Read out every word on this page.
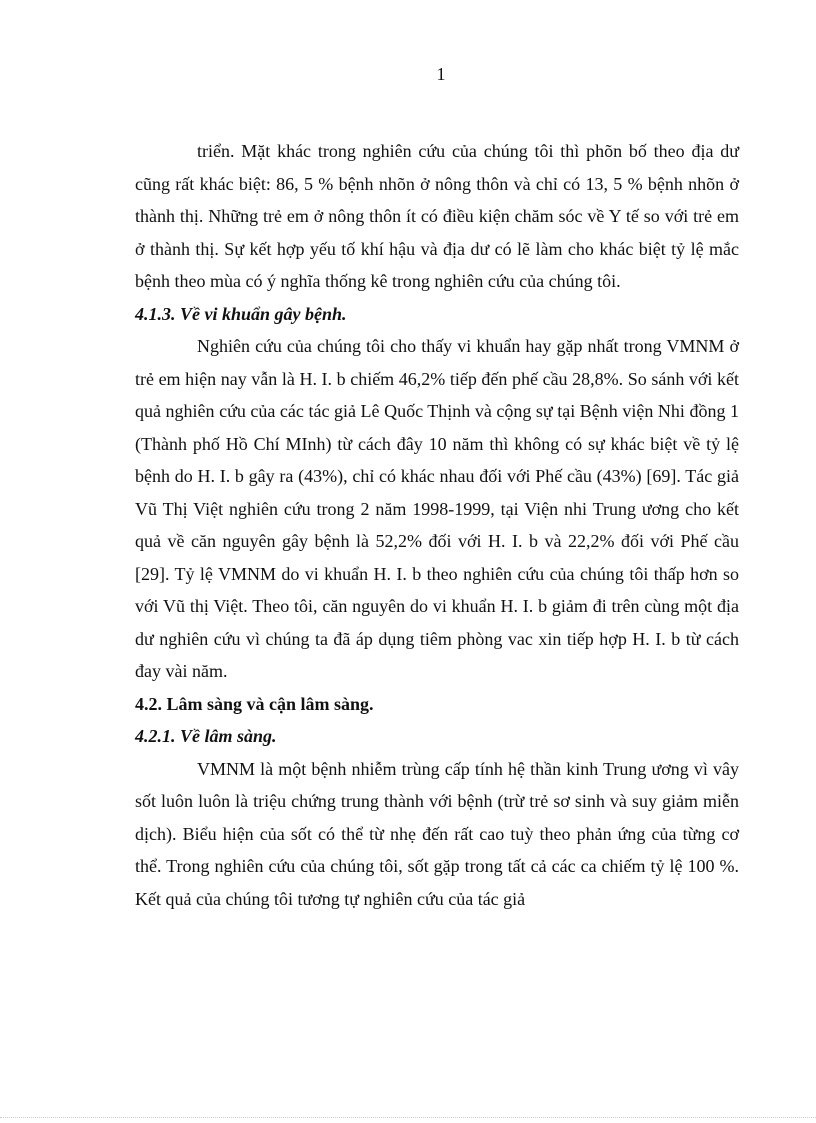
1

triển. Mặt khác trong nghiên cứu của chúng tôi thì phõn bố theo địa dư cũng rất khác biệt: 86, 5 % bệnh nhõn ở nông thôn và chỉ có 13, 5 % bệnh nhõn ở thành thị. Những trẻ em ở nông thôn ít có điều kiện chăm sóc về Y tế so với trẻ em ở thành thị. Sự kết hợp yếu tố khí hậu và địa dư có lẽ làm cho khác biệt tỷ lệ mắc bệnh theo mùa có ý nghĩa thống kê trong nghiên cứu của chúng tôi.

4.1.3. Về vi khuẩn gây bệnh.

Nghiên cứu của chúng tôi cho thấy vi khuẩn hay gặp nhất trong VMNM ở trẻ em hiện nay vẫn là H. I. b chiếm 46,2% tiếp đến phế cầu 28,8%. So sánh với kết quả nghiên cứu của các tác giả Lê Quốc Thịnh và cộng sự tại Bệnh viện Nhi đồng 1 (Thành phố Hồ Chí MInh) từ cách đây 10 năm thì không có sự khác biệt về tỷ lệ bệnh do H. I. b gây ra (43%), chỉ có khác nhau đối với Phế cầu (43%) [69]. Tác giả Vũ Thị Việt nghiên cứu trong 2 năm 1998-1999, tại Viện nhi Trung ương cho kết quả về căn nguyên gây bệnh là 52,2% đối với H. I. b và 22,2% đối với Phế cầu [29]. Tỷ lệ VMNM do vi khuẩn H. I. b theo nghiên cứu của chúng tôi thấp hơn so với Vũ thị Việt. Theo tôi, căn nguyên do vi khuẩn H. I. b giảm đi trên cùng một địa dư nghiên cứu vì chúng ta đã áp dụng tiêm phòng vac xin tiếp hợp H. I. b từ cách đay vài năm.

4.2. Lâm sàng và cận lâm sàng.

4.2.1. Về lâm sàng.

VMNM là một bệnh nhiễm trùng cấp tính hệ thần kinh Trung ương vì vây sốt luôn luôn là triệu chứng trung thành với bệnh (trừ trẻ sơ sinh và suy giảm miễn dịch). Biểu hiện của sốt có thể từ nhẹ đến rất cao tuỳ theo phản ứng của từng cơ thể. Trong nghiên cứu của chúng tôi, sốt gặp trong tất cả các ca chiếm tỷ lệ 100 %. Kết quả của chúng tôi tương tự nghiên cứu của tác giả
